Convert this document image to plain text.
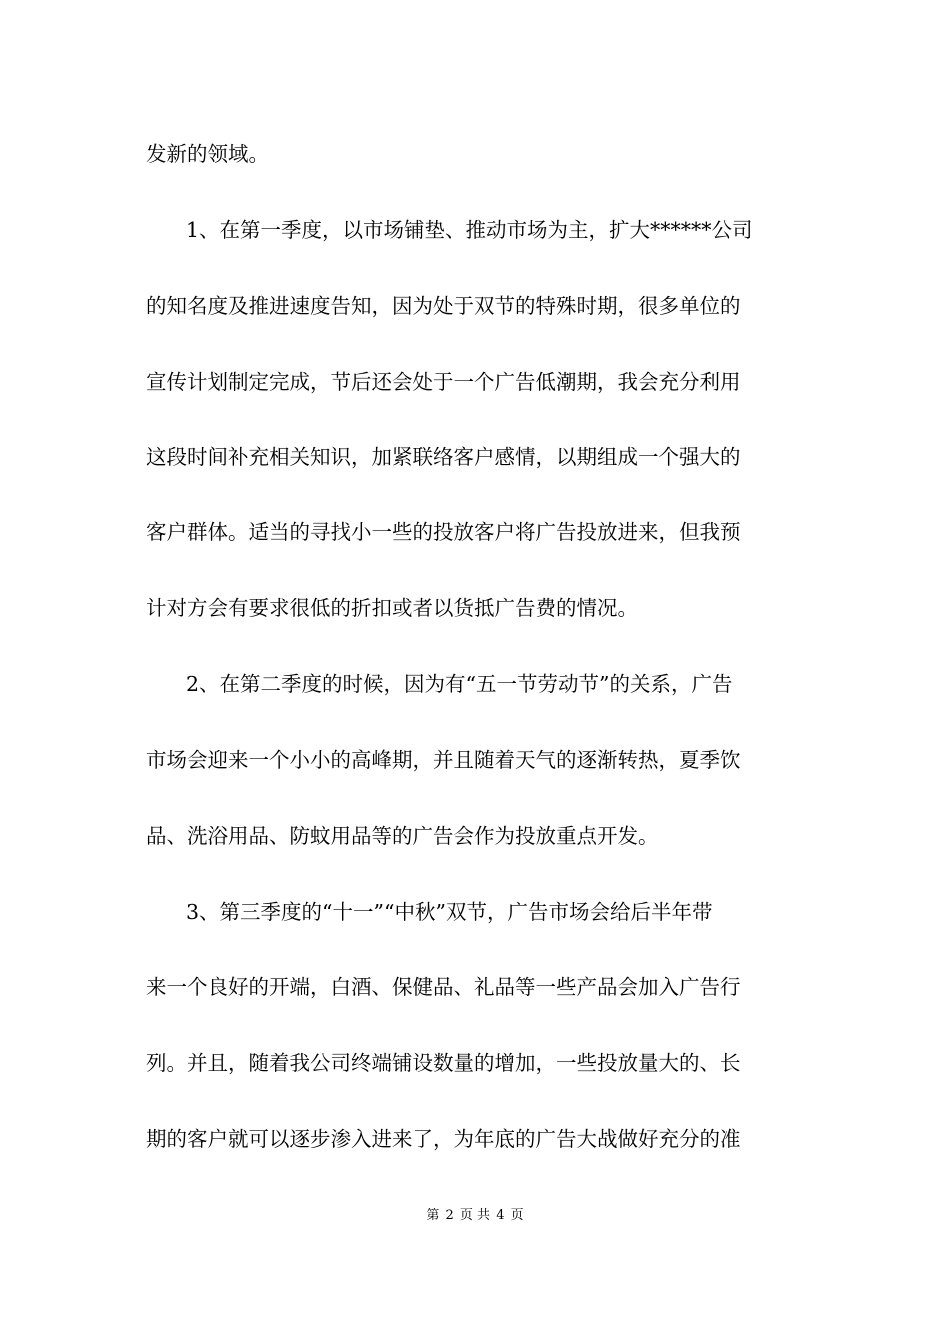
发新的领域。
1、在第一季度，以市场铺垫、推动市场为主，扩大******公司
的知名度及推进速度告知，因为处于双节的特殊时期，很多单位的
宣传计划制定完成，节后还会处于一个广告低潮期，我会充分利用
这段时间补充相关知识，加紧联络客户感情，以期组成一个强大的
客户群体。适当的寻找小一些的投放客户将广告投放进来，但我预
计对方会有要求很低的折扣或者以货抵广告费的情况。
2、在第二季度的时候，因为有“五一节劳动节”的关系，广告
市场会迎来一个小小的高峰期，并且随着天气的逐渐转热，夏季饮
品、洗浴用品、防蚊用品等的广告会作为投放重点开发。
3、第三季度的“十一”“中秋”双节，广告市场会给后半年带
来一个良好的开端，白酒、保健品、礼品等一些产品会加入广告行
列。并且，随着我公司终端铺设数量的增加，一些投放量大的、长
期的客户就可以逐步渗入进来了，为年底的广告大战做好充分的准
第 2 页 共 4 页
